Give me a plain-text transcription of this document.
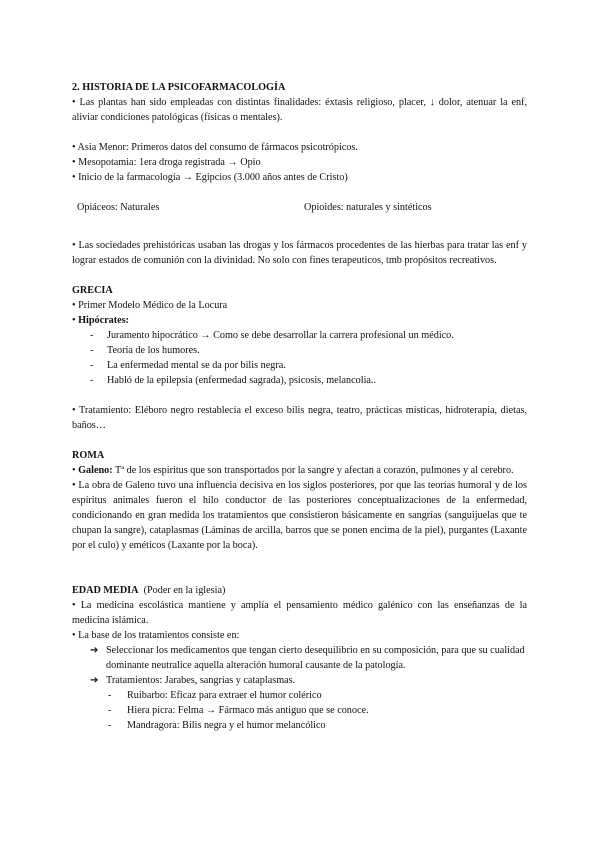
2. HISTORIA DE LA PSICOFARMACOLOGÍA

• Las plantas han sido empleadas con distintas finalidades: éxtasis religioso, placer, ↓ dolor, atenuar la enf, aliviar condiciones patológicas (físicas o mentales).

• Asia Menor: Primeros datos del consumo de fármacos psicotrópicos.

• Mesopotamia: 1era droga registrada → Opio

• Inicio de la farmacología → Egipcios (3.000 años antes de Cristo)

Opiáceos: Naturales	Opioides: naturales y sintéticos

• Las sociedades prehistóricas usaban las drogas y los fármacos procedentes de las hierbas para tratar las enf y lograr estados de comunión con la divinidad. No solo con fines terapeuticos, tmb propósitos recreativos.

GRECIA

• Primer Modelo Médico de la Locura

• Hipócrates:

- Juramento hipocrático → Como se debe desarrollar la carrera profesional un médico.
- Teoría de los humores.
- La enfermedad mental se da por bilis negra.
- Habló de la epilepsia (enfermedad sagrada), psicosis, melancolia..

• Tratamiento: Eléboro negro restablecía el exceso bilis negra, teatro, prácticas místicas, hidroterapia, dietas, baños…

ROMA

• Galeno: Tª de los espíritus que son transportados por la sangre y afectan a corazón, pulmones y al cerebro.

• La obra de Galeno tuvo una influencia decisiva en los siglos posteriores, por que las teorías humoral y de los espíritus animales fueron el hilo conductor de las posteriores conceptualizaciones de la enfermedad, condicionando en gran medida los tratamientos que consistieron básicamente en sangrías (sanguijuelas que te chupan la sangre), cataplasmas (Láminas de arcilla, barros que se ponen encima de la piel), purgantes (Laxante por el culo) y eméticos (Laxante por la boca).

EDAD MEDIA (Poder en la iglesia)

• La medicina escolástica mantiene y amplía el pensamiento médico galénico con las enseñanzas de la medicina islámica.

• La base de los tratamientos consiste en:

➔ Seleccionar los medicamentos que tengan cierto desequilibrio en su composición, para que su cualidad dominante neutralice aquella alteración humoral causante de la patología.
➔ Tratamientos: Jarabes, sangrías y cataplasmas.
- Ruibarbo: Eficaz para extraer el humor colérico
- Hiera picra: Felma → Fármaco más antiguo que se conoce.
- Mandragora: Bilis negra y el humor melancólico
